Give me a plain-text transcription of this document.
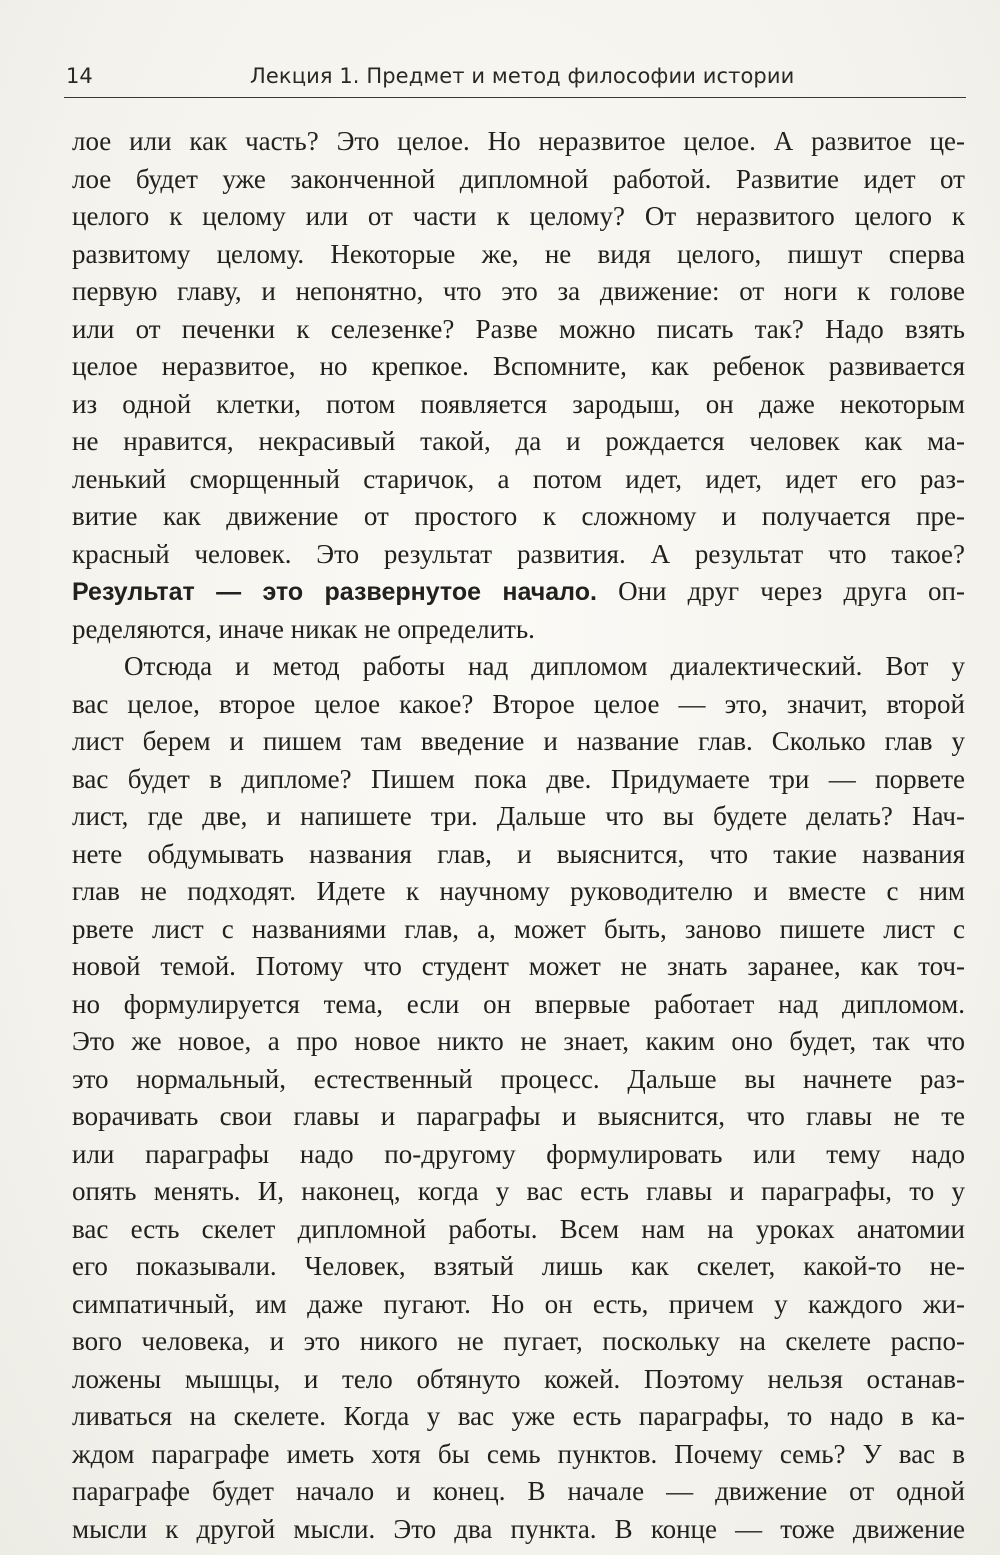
14	Лекция 1. Предмет и метод философии истории
лое или как часть? Это целое. Но неразвитое целое. А развитое це-
лое будет уже законченной дипломной работой. Развитие идет от
целого к целому или от части к целому? От неразвитого целого к
развитому целому. Некоторые же, не видя целого, пишут сперва
первую главу, и непонятно, что это за движение: от ноги к голове
или от печенки к селезенке? Разве можно писать так? Надо взять
целое неразвитое, но крепкое. Вспомните, как ребенок развивается
из одной клетки, потом появляется зародыш, он даже некоторым
не нравится, некрасивый такой, да и рождается человек как ма-
ленький сморщенный старичок, а потом идет, идет, идет его раз-
витие как движение от простого к сложному и получается пре-
красный человек. Это результат развития. А результат что такое?
Результат — это развернутое начало. Они друг через друга оп-
ределяются, иначе никак не определить.
Отсюда и метод работы над дипломом диалектический. Вот у
вас целое, второе целое какое? Второе целое — это, значит, второй
лист берем и пишем там введение и название глав. Сколько глав у
вас будет в дипломе? Пишем пока две. Придумаете три — порвете
лист, где две, и напишете три. Дальше что вы будете делать? Нач-
нете обдумывать названия глав, и выяснится, что такие названия
глав не подходят. Идете к научному руководителю и вместе с ним
рвете лист с названиями глав, а, может быть, заново пишете лист с
новой темой. Потому что студент может не знать заранее, как точ-
но формулируется тема, если он впервые работает над дипломом.
Это же новое, а про новое никто не знает, каким оно будет, так что
это нормальный, естественный процесс. Дальше вы начнете раз-
ворачивать свои главы и параграфы и выяснится, что главы не те
или параграфы надо по-другому формулировать или тему надо
опять менять. И, наконец, когда у вас есть главы и параграфы, то у
вас есть скелет дипломной работы. Всем нам на уроках анатомии
его показывали. Человек, взятый лишь как скелет, какой-то не-
симпатичный, им даже пугают. Но он есть, причем у каждого жи-
вого человека, и это никого не пугает, поскольку на скелете распо-
ложены мышцы, и тело обтянуто кожей. Поэтому нельзя останав-
ливаться на скелете. Когда у вас уже есть параграфы, то надо в ка-
ждом параграфе иметь хотя бы семь пунктов. Почему семь? У вас в
параграфе будет начало и конец. В начале — движение от одной
мысли к другой мысли. Это два пункта. В конце — тоже движение
